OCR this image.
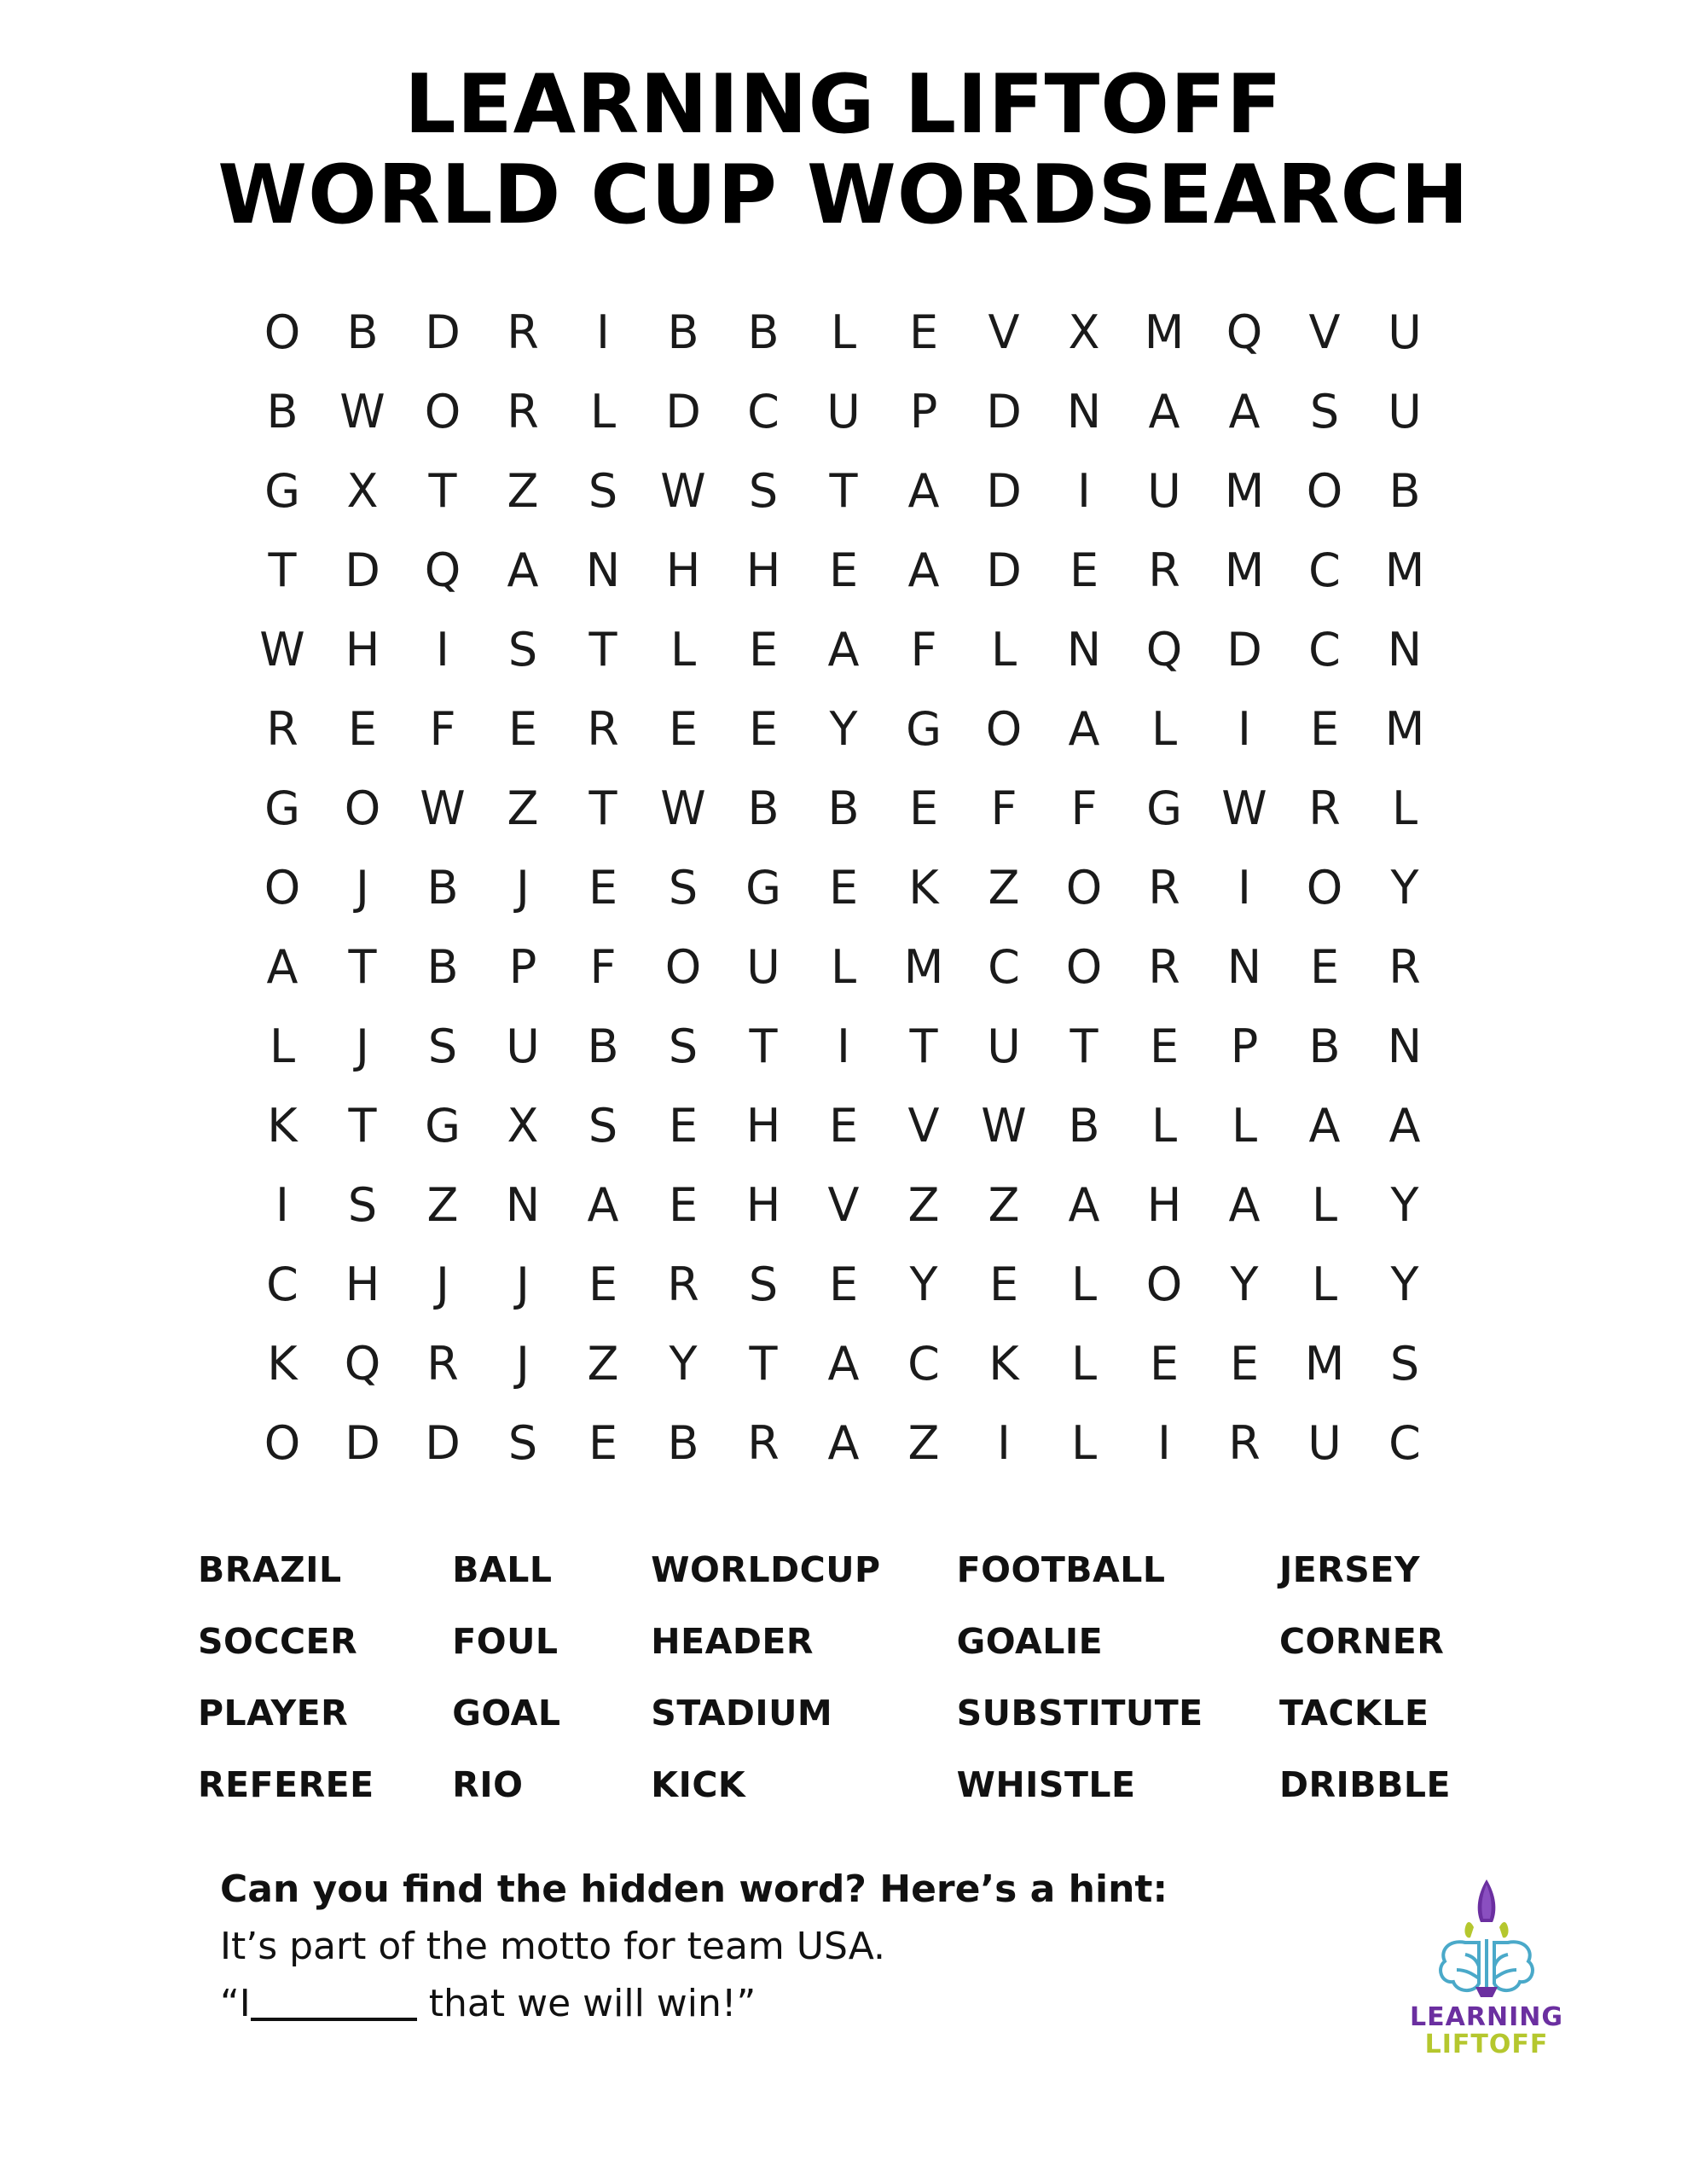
LEARNING LIFTOFF
WORLD CUP WORDSEARCH
O	B	D	R	I	B	B	L	E	V	X	M	Q	V	U
B	W	O	R	L	D	C	U	P	D	N	A	A	S	U
G	X	T	Z	S	W	S	T	A	D	I	U	M	O	B
T	D	Q	A	N	H	H	E	A	D	E	R	M	C	M
W	H	I	S	T	L	E	A	F	L	N	Q	D	C	N
R	E	F	E	R	E	E	Y	G	O	A	L	I	E	M
G	O	W	Z	T	W	B	B	E	F	F	G	W	R	L
O	J	B	J	E	S	G	E	K	Z	O	R	I	O	Y
A	T	B	P	F	O	U	L	M	C	O	R	N	E	R
L	J	S	U	B	S	T	I	T	U	T	E	P	B	N
K	T	G	X	S	E	H	E	V	W	B	L	L	A	A
I	S	Z	N	A	E	H	V	Z	Z	A	H	A	L	Y
C	H	J	J	E	R	S	E	Y	E	L	O	Y	L	Y
K	Q	R	J	Z	Y	T	A	C	K	L	E	E	M	S
O	D	D	S	E	B	R	A	Z	I	L	I	R	U	C
BRAZIL	BALL	WORLDCUP	FOOTBALL	JERSEY
SOCCER	FOUL	HEADER	GOALIE	CORNER
PLAYER	GOAL	STADIUM	SUBSTITUTE	TACKLE
REFEREE	RIO	KICK	WHISTLE	DRIBBLE
Can you find the hidden word? Here’s a hint:
It’s part of the motto for team USA.
“I	that we will win!”	LEARNING
LIFTOFF
